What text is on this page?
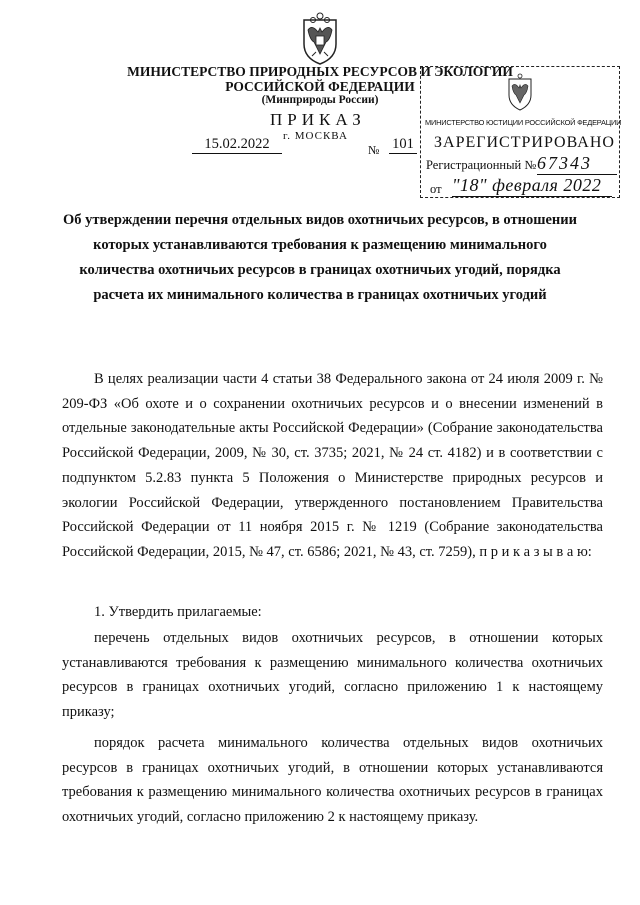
МИНИСТЕРСТВО ПРИРОДНЫХ РЕСУРСОВ И ЭКОЛОГИИ
РОССИЙСКОЙ ФЕДЕРАЦИИ
(Минприроды России)
ПРИКАЗ
г. МОСКВА
15.02.2022	№ 101
МИНИСТЕРСТВО ЮСТИЦИИ РОССИЙСКОЙ ФЕДЕРАЦИИ
ЗАРЕГИСТРИРОВАНО
Регистрационный № 67343
от "18" февраля 2022
Об утверждении перечня отдельных видов охотничьих ресурсов, в отношении которых устанавливаются требования к размещению минимального количества охотничьих ресурсов в границах охотничьих угодий, порядка расчета их минимального количества в границах охотничьих угодий

В целях реализации части 4 статьи 38 Федерального закона от 24 июля 2009 г. № 209-ФЗ «Об охоте и о сохранении охотничьих ресурсов и о внесении изменений в отдельные законодательные акты Российской Федерации» (Собрание законодательства Российской Федерации, 2009, № 30, ст. 3735; 2021, № 24 ст. 4182) и в соответствии с подпунктом 5.2.83 пункта 5 Положения о Министерстве природных ресурсов и экологии Российской Федерации, утвержденного постановлением Правительства Российской Федерации от 11 ноября 2015 г. № 1219 (Собрание законодательства Российской Федерации, 2015, № 47, ст. 6586; 2021, № 43, ст. 7259), п р и к а з ы в а ю:

1. Утвердить прилагаемые:

перечень отдельных видов охотничьих ресурсов, в отношении которых устанавливаются требования к размещению минимального количества охотничьих ресурсов в границах охотничьих угодий, согласно приложению 1 к настоящему приказу;

порядок расчета минимального количества отдельных видов охотничьих ресурсов в границах охотничьих угодий, в отношении которых устанавливаются требования к размещению минимального количества охотничьих ресурсов в границах охотничьих угодий, согласно приложению 2 к настоящему приказу.
